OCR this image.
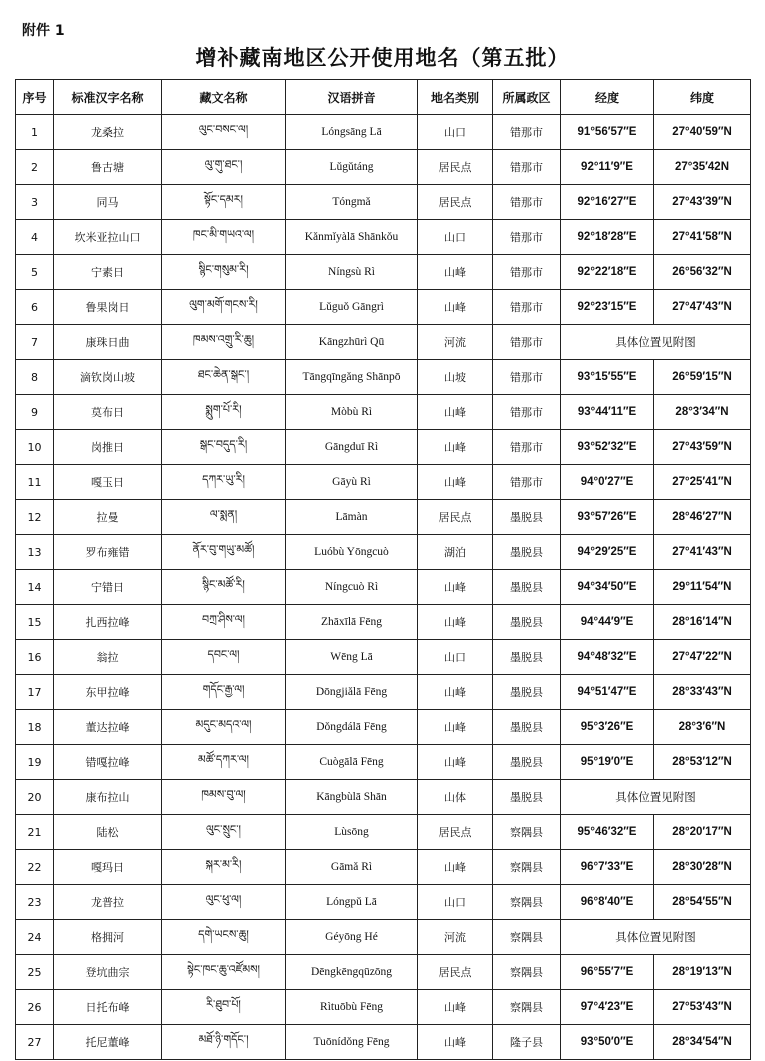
附件 1
增补藏南地区公开使用地名（第五批）
序号	标准汉字名称	藏文名称	汉语拼音	地名类别	所属政区	经度	纬度
1	龙桑拉	ལུང་བསང་ལ།	Lóngsāng Lā	山口	错那市	91°56′57″E	27°40′59″N
2	鲁古塘	ལུ་གུ་ཐང་།	Lǔgǔtáng	居民点	错那市	92°11′9″E	27°35′42N
3	同马	སྟོང་དམར།	Tóngmǎ	居民点	错那市	92°16′27″E	27°43′39″N
4	坎米亚拉山口	ཁང་མི་གཡའ་ལ།	Kǎnmǐyàlā Shānkǒu	山口	错那市	92°18′28″E	27°41′58″N
5	宁素日	སྙིང་གསུམ་རི།	Níngsù Rì	山峰	错那市	92°22′18″E	26°56′32″N
6	鲁果岗日	ལུག་མགོ་གངས་རི།	Lǔguǒ Gāngrì	山峰	错那市	92°23′15″E	27°47′43″N
7	康珠日曲	ཁམས་འགྲུ་རི་ཆུ།	Kāngzhūrì Qū	河流	错那市	具体位置见附图	
8	滴钦岗山坡	ཐང་ཆེན་སྒང་།	Tāngqīngǎng Shānpō	山坡	错那市	93°15′55″E	26°59′15″N
9	莫布日	སྨུག་པོ་རི།	Mòbù Rì	山峰	错那市	93°44′11″E	28°3′34″N
10	岗推日	སྒང་བདུད་རི།	Gāngduī Rì	山峰	错那市	93°52′32″E	27°43′59″N
11	嘎玉日	དཀར་ཡུ་རི།	Gāyù Rì	山峰	错那市	94°0′27″E	27°25′41″N
12	拉曼	ལ་སྨན།	Lāmàn	居民点	墨脱县	93°57′26″E	28°46′27″N
13	罗布雍错	ནོར་བུ་གཡུ་མཚོ།	Luóbù Yōngcuò	湖泊	墨脱县	94°29′25″E	27°41′43″N
14	宁错日	སྙིང་མཚོ་རི།	Níngcuò Rì	山峰	墨脱县	94°34′50″E	29°11′54″N
15	扎西拉峰	བཀྲ་ཤིས་ལ།	Zhāxīlā Fēng	山峰	墨脱县	94°44′9″E	28°16′14″N
16	翁拉	དབང་ལ།	Wēng Lā	山口	墨脱县	94°48′32″E	27°47′22″N
17	东甲拉峰	གདོང་རྒྱ་ལ།	Dōngjiǎlā Fēng	山峰	墨脱县	94°51′47″E	28°33′43″N
18	董达拉峰	མདུང་མདའ་ལ།	Dǒngdálā Fēng	山峰	墨脱县	95°3′26″E	28°3′6″N
19	错嘎拉峰	མཚོ་དཀར་ལ།	Cuògālā Fēng	山峰	墨脱县	95°19′0″E	28°53′12″N
20	康布拉山	ཁམས་བུ་ལ།	Kāngbùlā Shān	山体	墨脱县	具体位置见附图	
21	陆松	ལུང་སྲུང་།	Lùsōng	居民点	察隅县	95°46′32″E	28°20′17″N
22	嘎玛日	སྐར་མ་རི།	Gāmǎ Rì	山峰	察隅县	96°7′33″E	28°30′28″N
23	龙普拉	ལུང་ཕུ་ལ།	Lóngpǔ Lā	山口	察隅县	96°8′40″E	28°54′55″N
24	格拥河	དགེ་ཡངས་ཆུ།	Géyōng Hé	河流	察隅县	具体位置见附图	
25	登坑曲宗	སྟེང་ཁང་ཆུ་འཛོམས།	Dēngkēngqūzōng	居民点	察隅县	96°55′7″E	28°19′13″N
26	日托布峰	རི་ཐུབ་པོ།	Rìtuōbù Fēng	山峰	察隅县	97°4′23″E	27°53′43″N
27	托尼董峰	མཐོ་ཉི་གདོང་།	Tuōnídǒng Fēng	山峰	隆子县	93°50′0″E	28°34′54″N
